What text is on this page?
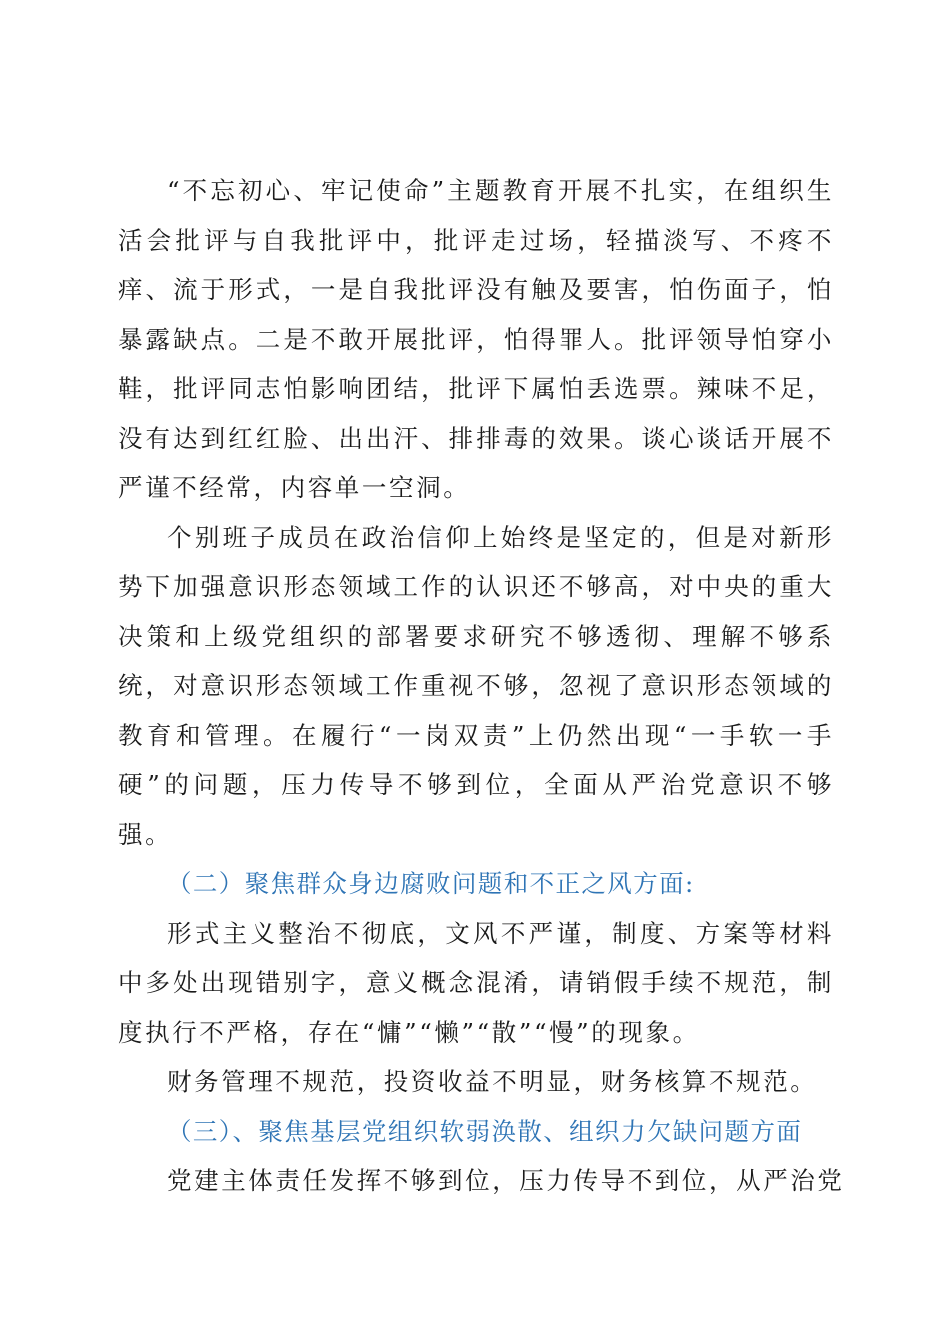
“不忘初心、牢记使命”主题教育开展不扎实，在组织生活会批评与自我批评中，批评走过场，轻描淡写、不疼不痒、流于形式，一是自我批评没有触及要害，怕伤面子，怕暴露缺点。二是不敢开展批评，怕得罪人。批评领导怕穿小鞋，批评同志怕影响团结，批评下属怕丢选票。辣味不足，没有达到红红脸、出出汗、排排毒的效果。谈心谈话开展不严谨不经常，内容单一空洞。

个别班子成员在政治信仰上始终是坚定的，但是对新形势下加强意识形态领域工作的认识还不够高，对中央的重大决策和上级党组织的部署要求研究不够透彻、理解不够系统，对意识形态领域工作重视不够，忽视了意识形态领域的教育和管理。在履行“一岗双责”上仍然出现“一手软一手硬”的问题，压力传导不够到位，全面从严治党意识不够强。

（二）聚焦群众身边腐败问题和不正之风方面:

形式主义整治不彻底，文风不严谨，制度、方案等材料中多处出现错别字，意义概念混淆，请销假手续不规范，制度执行不严格，存在“慵”“懒”“散”“慢”的现象。

财务管理不规范，投资收益不明显，财务核算不规范。

（三）、聚焦基层党组织软弱涣散、组织力欠缺问题方面

党建主体责任发挥不够到位，压力传导不到位，从严治党
